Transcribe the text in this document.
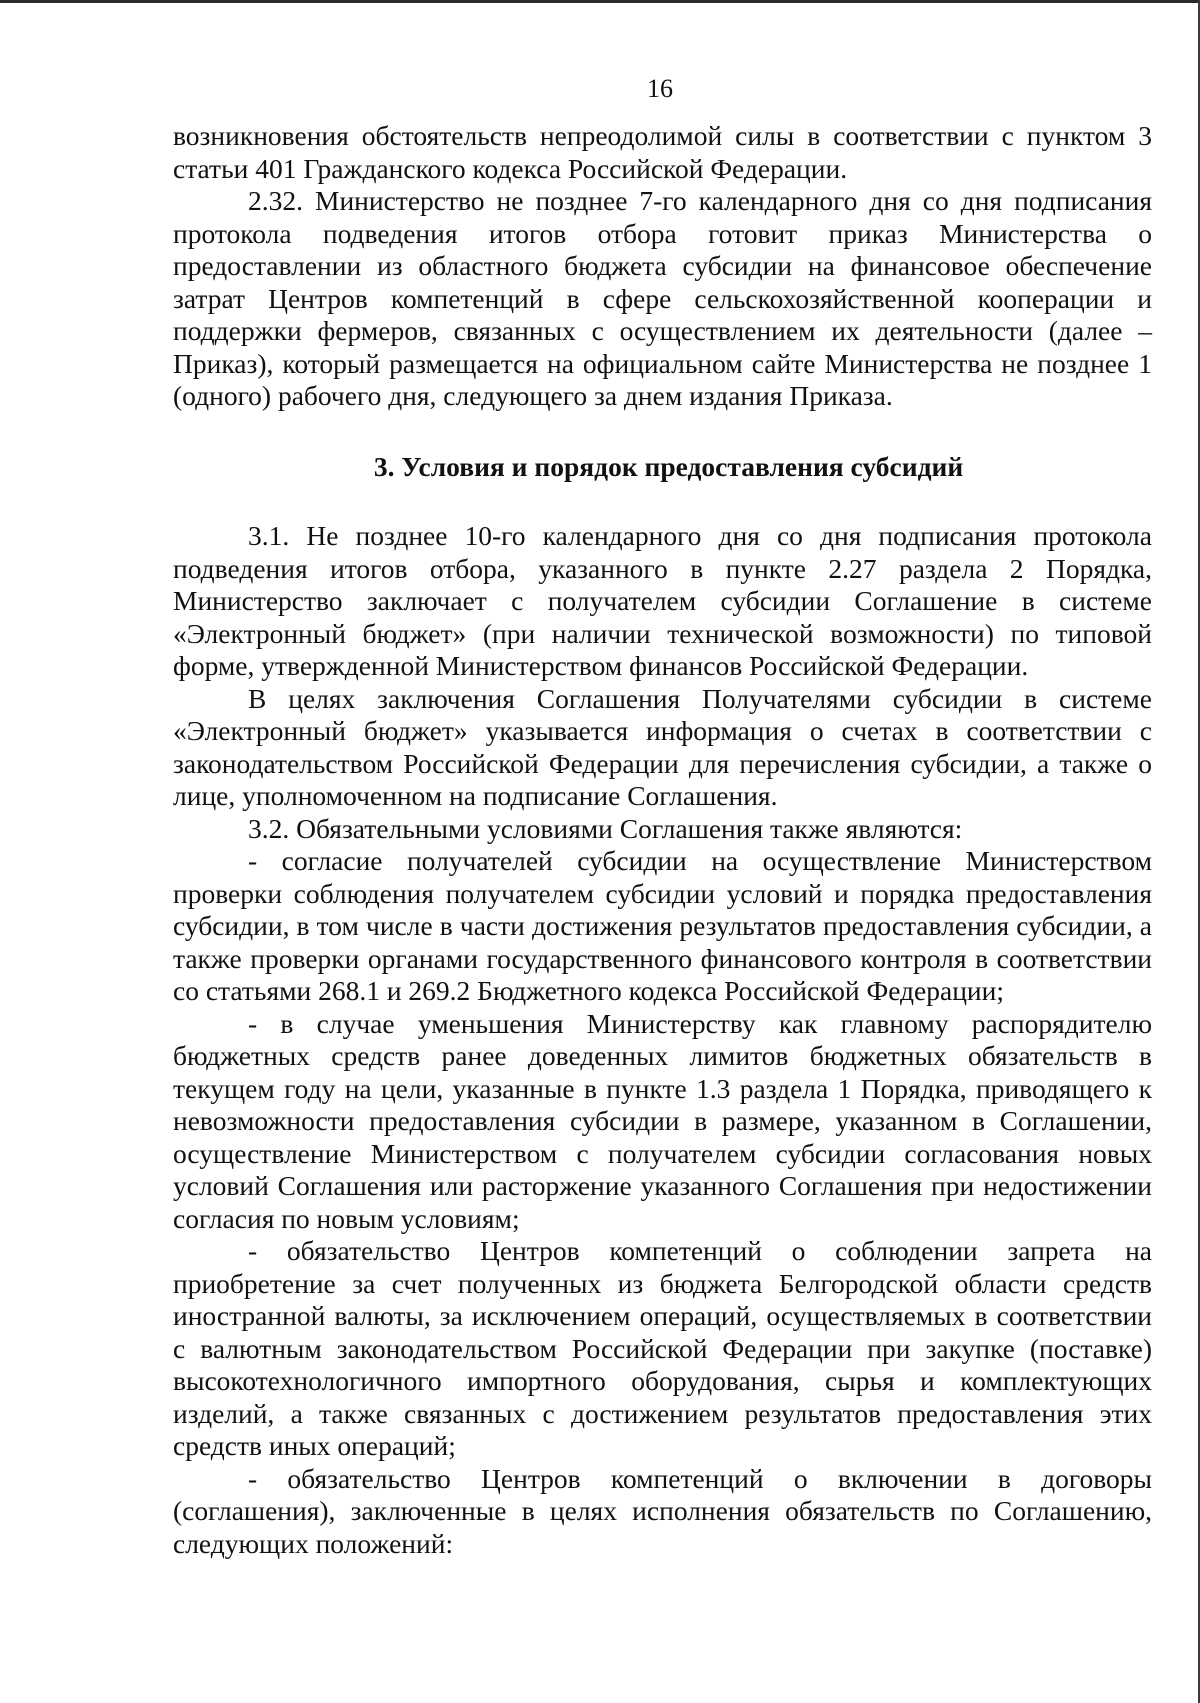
16

возникновения обстоятельств непреодолимой силы в соответствии с пунктом 3 статьи 401 Гражданского кодекса Российской Федерации.

2.32. Министерство не позднее 7-го календарного дня со дня подписания протокола подведения итогов отбора готовит приказ Министерства о предоставлении из областного бюджета субсидии на финансовое обеспечение затрат Центров компетенций в сфере сельскохозяйственной кооперации и поддержки фермеров, связанных с осуществлением их деятельности (далее – Приказ), который размещается на официальном сайте Министерства не позднее 1 (одного) рабочего дня, следующего за днем издания Приказа.

3. Условия и порядок предоставления субсидий

3.1. Не позднее 10-го календарного дня со дня подписания протокола подведения итогов отбора, указанного в пункте 2.27 раздела 2 Порядка, Министерство заключает с получателем субсидии Соглашение в системе «Электронный бюджет» (при наличии технической возможности) по типовой форме, утвержденной Министерством финансов Российской Федерации.

В целях заключения Соглашения Получателями субсидии в системе «Электронный бюджет» указывается информация о счетах в соответствии с законодательством Российской Федерации для перечисления субсидии, а также о лице, уполномоченном на подписание Соглашения.

3.2. Обязательными условиями Соглашения также являются:

- согласие получателей субсидии на осуществление Министерством проверки соблюдения получателем субсидии условий и порядка предоставления субсидии, в том числе в части достижения результатов предоставления субсидии, а также проверки органами государственного финансового контроля в соответствии со статьями 268.1 и 269.2 Бюджетного кодекса Российской Федерации;

- в случае уменьшения Министерству как главному распорядителю бюджетных средств ранее доведенных лимитов бюджетных обязательств в текущем году на цели, указанные в пункте 1.3 раздела 1 Порядка, приводящего к невозможности предоставления субсидии в размере, указанном в Соглашении, осуществление Министерством с получателем субсидии согласования новых условий Соглашения или расторжение указанного Соглашения при недостижении согласия по новым условиям;

- обязательство Центров компетенций о соблюдении запрета на приобретение за счет полученных из бюджета Белгородской области средств иностранной валюты, за исключением операций, осуществляемых в соответствии с валютным законодательством Российской Федерации при закупке (поставке) высокотехнологичного импортного оборудования, сырья и комплектующих изделий, а также связанных с достижением результатов предоставления этих средств иных операций;

- обязательство Центров компетенций о включении в договоры (соглашения), заключенные в целях исполнения обязательств по Соглашению, следующих положений:
